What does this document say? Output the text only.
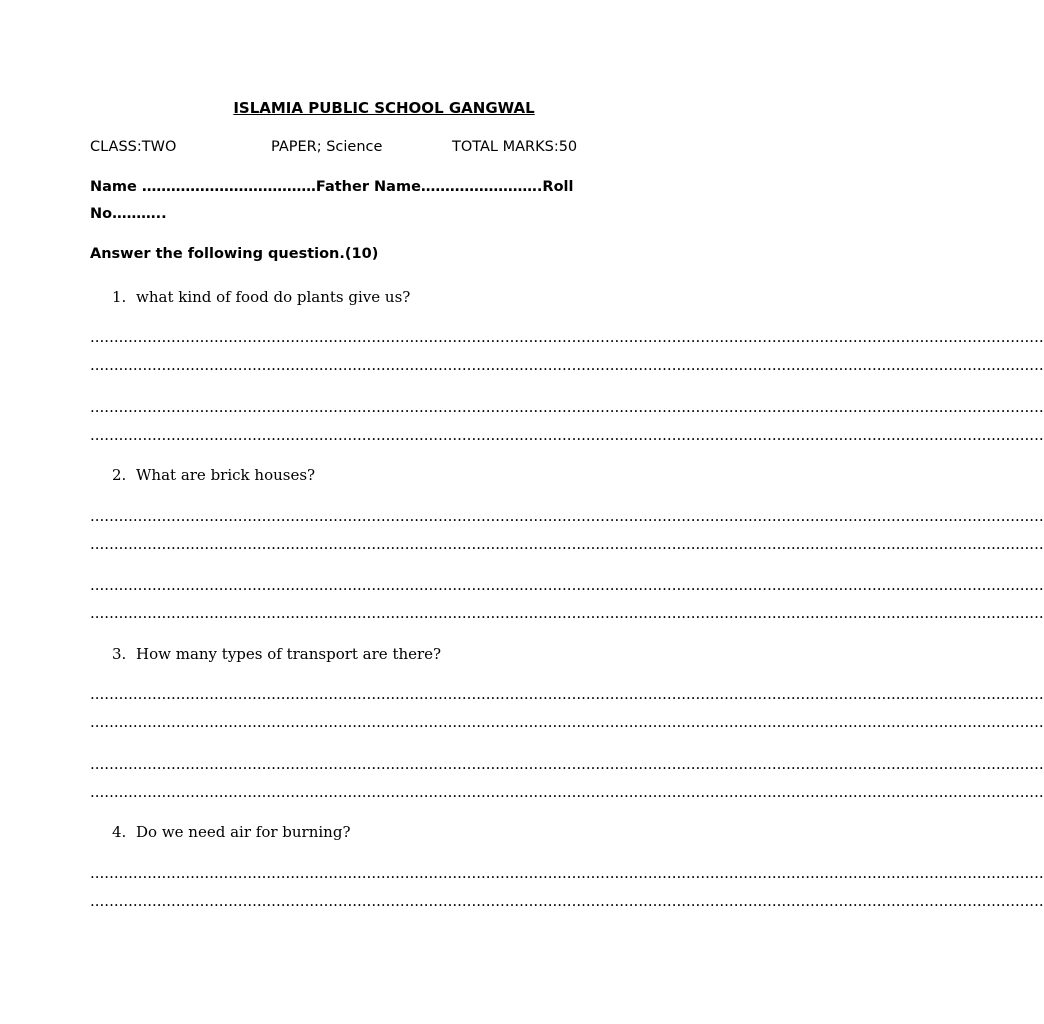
ISLAMIA PUBLIC SCHOOL GANGWAL
CLASS:TWO	PAPER; Science	TOTAL MARKS:50
Name ………………………………Father Name…………………….Roll
No………..
Answer the following question.(10)
1. what kind of food do plants give us?
........................................................................................................................................................................................................
........................................................................................................................................................................................................
........................................................................................................................................................................................................
........................................................................................................................................................................................................
2. What are brick houses?
........................................................................................................................................................................................................
........................................................................................................................................................................................................
........................................................................................................................................................................................................
........................................................................................................................................................................................................
3. How many types of transport are there?
........................................................................................................................................................................................................
........................................................................................................................................................................................................
........................................................................................................................................................................................................
........................................................................................................................................................................................................
4. Do we need air for burning?
........................................................................................................................................................................................................
........................................................................................................................................................................................................
